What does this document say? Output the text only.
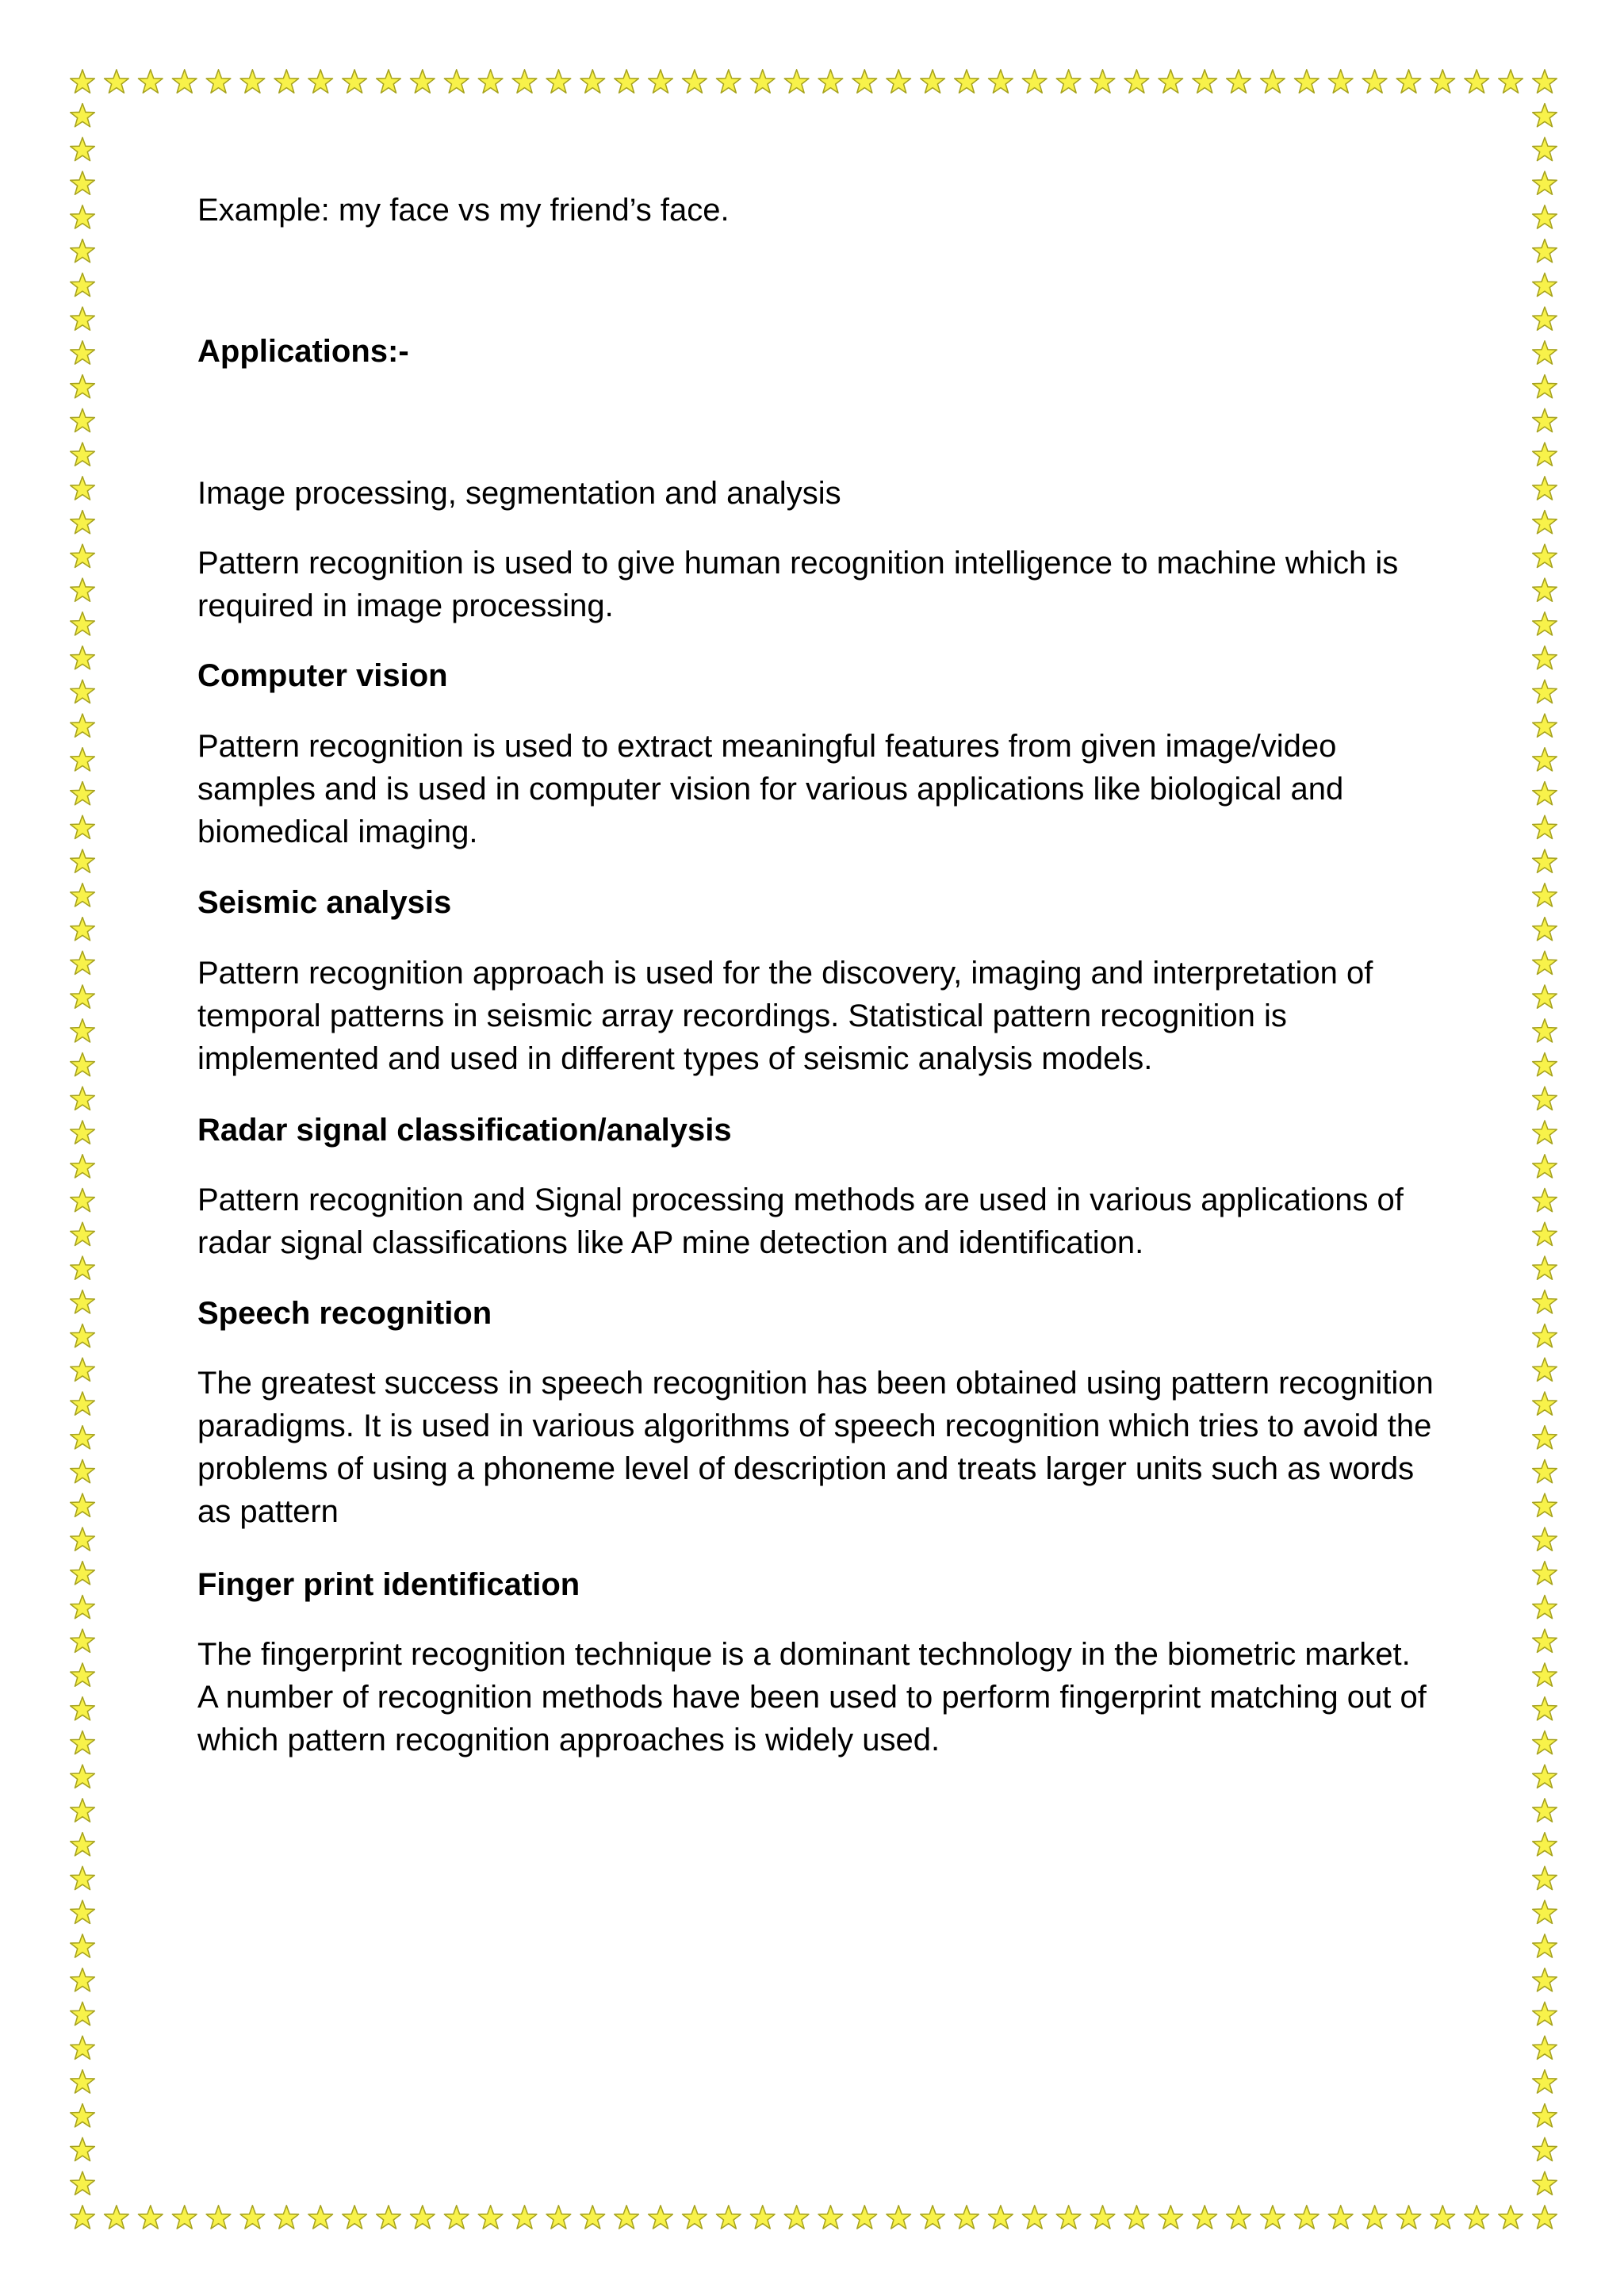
Example: my face vs my friend’s face.

Applications:-

Image processing, segmentation and analysis

Pattern recognition is used to give human recognition intelligence to machine which is required in image processing.

Computer vision

Pattern recognition is used to extract meaningful features from given image/video samples and is used in computer vision for various applications like biological and biomedical imaging.

Seismic analysis

Pattern recognition approach is used for the discovery, imaging and interpretation of temporal patterns in seismic array recordings. Statistical pattern recognition is implemented and used in different types of seismic analysis models.

Radar signal classification/analysis

Pattern recognition and Signal processing methods are used in various applications of radar signal classifications like AP mine detection and identification.

Speech recognition

The greatest success in speech recognition has been obtained using pattern recognition paradigms. It is used in various algorithms of speech recognition which tries to avoid the problems of using a phoneme level of description and treats larger units such as words as pattern

Finger print identification

The fingerprint recognition technique is a dominant technology in the biometric market. A number of recognition methods have been used to perform fingerprint matching out of which pattern recognition approaches is widely used.
